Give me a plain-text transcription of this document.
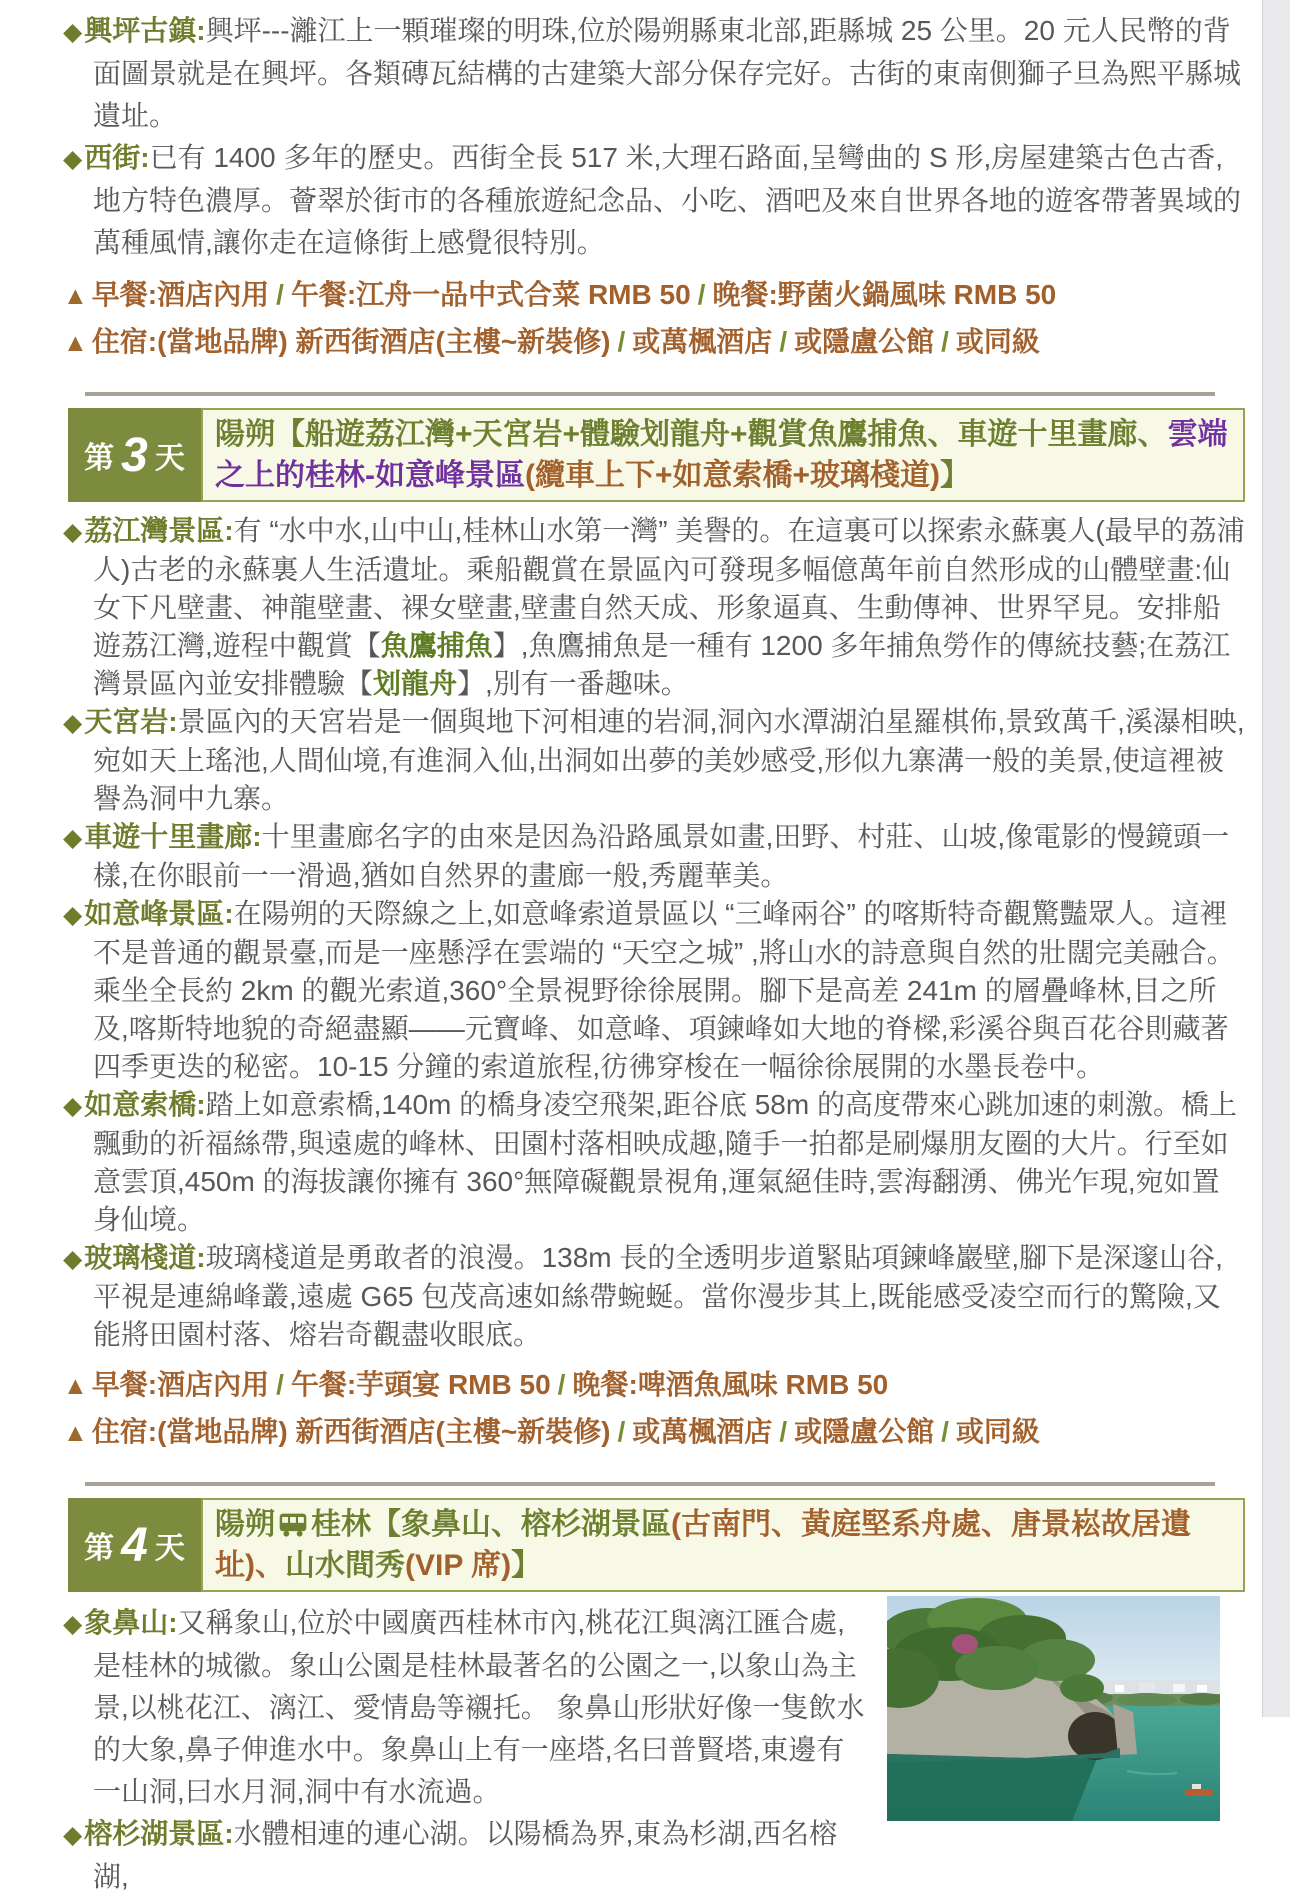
◆興坪古鎮:興坪---灕江上一顆璀璨的明珠,位於陽朔縣東北部,距縣城 25 公里。20 元人民幣的背面圖景就是在興坪。各類磚瓦結構的古建築大部分保存完好。古街的東南側獅子旦為熙平縣城遺址。

◆西街:已有 1400 多年的歷史。西街全長 517 米,大理石路面,呈彎曲的 S 形,房屋建築古色古香,地方特色濃厚。薈翠於街市的各種旅遊紀念品、小吃、酒吧及來自世界各地的遊客帶著異域的萬種風情,讓你走在這條街上感覺很特別。

▲ 早餐:酒店內用 / 午餐:江舟一品中式合菜 RMB 50 / 晚餐:野菌火鍋風味 RMB 50

▲ 住宿:(當地品牌) 新西街酒店(主樓~新裝修) / 或萬楓酒店 / 或隱盧公館 / 或同級

第 3 天
陽朔【船遊荔江灣+天宮岩+體驗划龍舟+觀賞魚鷹捕魚、車遊十里畫廊、雲端之上的桂林-如意峰景區(纜車上下+如意索橋+玻璃棧道)】

◆荔江灣景區:有 “水中水,山中山,桂林山水第一灣” 美譽的。在這裏可以探索永蘇裏人(最早的荔浦人)古老的永蘇裏人生活遺址。乘船觀賞在景區內可發現多幅億萬年前自然形成的山體壁畫:仙女下凡壁畫、神龍壁畫、裸女壁畫,壁畫自然天成、形象逼真、生動傳神、世界罕見。安排船遊荔江灣,遊程中觀賞【魚鷹捕魚】,魚鷹捕魚是一種有 1200 多年捕魚勞作的傳統技藝;在荔江灣景區內並安排體驗【划龍舟】,別有一番趣味。

◆天宮岩:景區內的天宮岩是一個與地下河相連的岩洞,洞內水潭湖泊星羅棋佈,景致萬千,溪瀑相映,宛如天上瑤池,人間仙境,有進洞入仙,出洞如出夢的美妙感受,形似九寨溝一般的美景,使這裡被譽為洞中九寨。

◆車遊十里畫廊:十里畫廊名字的由來是因為沿路風景如畫,田野、村莊、山坡,像電影的慢鏡頭一樣,在你眼前一一滑過,猶如自然界的畫廊一般,秀麗華美。

◆如意峰景區:在陽朔的天際線之上,如意峰索道景區以 “三峰兩谷” 的喀斯特奇觀驚豔眾人。這裡不是普通的觀景臺,而是一座懸浮在雲端的 “天空之城” ,將山水的詩意與自然的壯闊完美融合。乘坐全長約 2km 的觀光索道,360°全景視野徐徐展開。腳下是高差 241m 的層疊峰林,目之所及,喀斯特地貌的奇絕盡顯——元寶峰、如意峰、項鍊峰如大地的脊樑,彩溪谷與百花谷則藏著四季更迭的秘密。10-15 分鐘的索道旅程,彷彿穿梭在一幅徐徐展開的水墨長卷中。

◆如意索橋:踏上如意索橋,140m 的橋身凌空飛架,距谷底 58m 的高度帶來心跳加速的刺激。橋上飄動的祈福絲帶,與遠處的峰林、田園村落相映成趣,隨手一拍都是刷爆朋友圈的大片。行至如意雲頂,450m 的海拔讓你擁有 360°無障礙觀景視角,運氣絕佳時,雲海翻湧、佛光乍現,宛如置身仙境。

◆玻璃棧道:玻璃棧道是勇敢者的浪漫。138m 長的全透明步道緊貼項鍊峰巖壁,腳下是深邃山谷,平視是連綿峰叢,遠處 G65 包茂高速如絲帶蜿蜒。當你漫步其上,既能感受凌空而行的驚險,又能將田園村落、熔岩奇觀盡收眼底。

▲ 早餐:酒店內用 / 午餐:芋頭宴 RMB 50 / 晚餐:啤酒魚風味 RMB 50

▲ 住宿:(當地品牌) 新西街酒店(主樓~新裝修) / 或萬楓酒店 / 或隱盧公館 / 或同級

第 4 天
陽朔 桂林【象鼻山、榕杉湖景區(古南門、黃庭堅系舟處、唐景崧故居遺址)、山水間秀(VIP 席)】

◆象鼻山:又稱象山,位於中國廣西桂林市內,桃花江與漓江匯合處,是桂林的城徽。象山公園是桂林最著名的公園之一,以象山為主景,以桃花江、漓江、愛情島等襯托。 象鼻山形狀好像一隻飲水的大象,鼻子伸進水中。象鼻山上有一座塔,名曰普賢塔,東邊有一山洞,曰水月洞,洞中有水流過。

◆榕杉湖景區:水體相連的連心湖。以陽橋為界,東為杉湖,西名榕湖,
